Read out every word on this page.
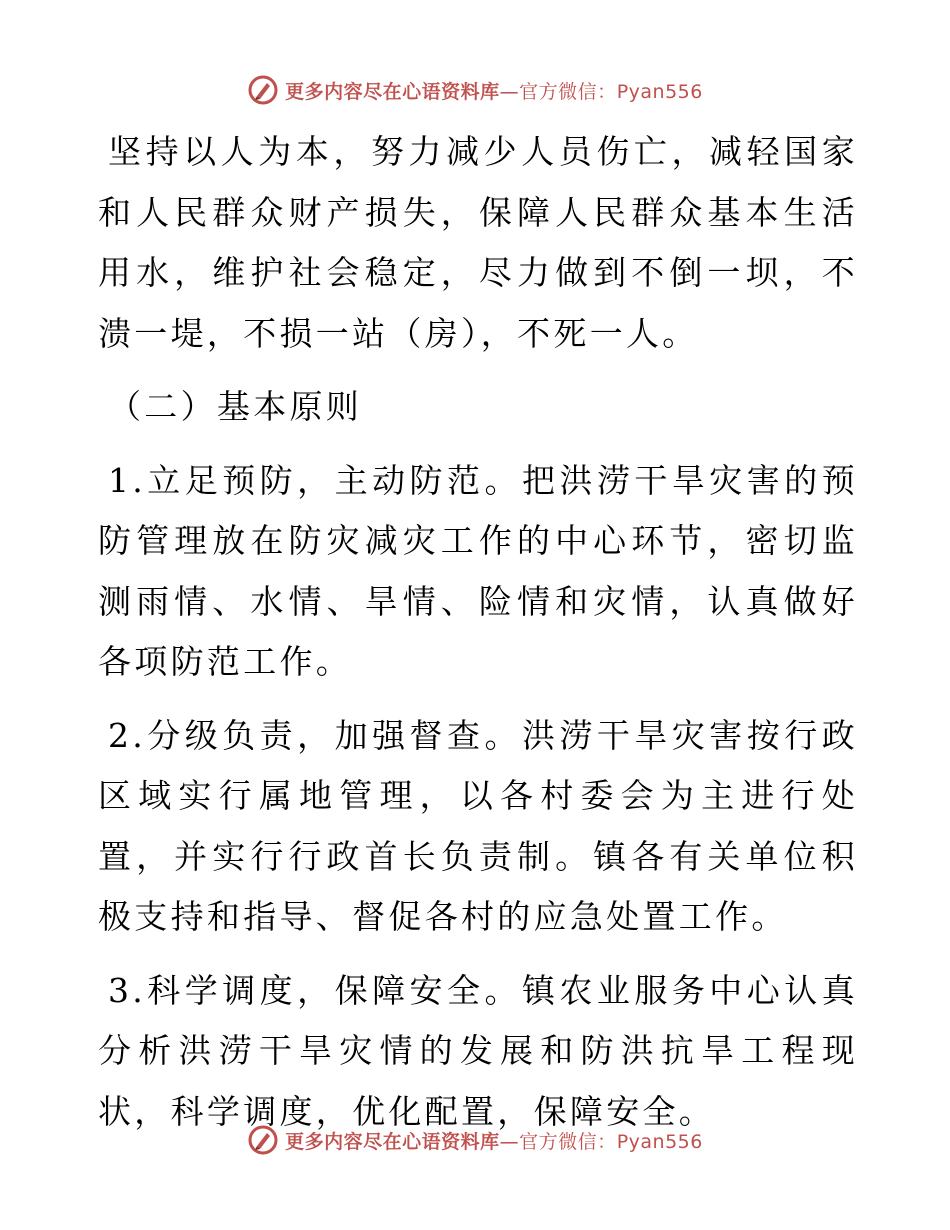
更多内容尽在心语资料库—官方微信：Pyan556

坚持以人为本，努力减少人员伤亡，减轻国家和人民群众财产损失，保障人民群众基本生活用水，维护社会稳定，尽力做到不倒一坝，不溃一堤，不损一站（房），不死一人。

（二）基本原则

1.立足预防，主动防范。把洪涝干旱灾害的预防管理放在防灾减灾工作的中心环节，密切监测雨情、水情、旱情、险情和灾情，认真做好各项防范工作。

2.分级负责，加强督查。洪涝干旱灾害按行政区域实行属地管理，以各村委会为主进行处置，并实行行政首长负责制。镇各有关单位积极支持和指导、督促各村的应急处置工作。

3.科学调度，保障安全。镇农业服务中心认真分析洪涝干旱灾情的发展和防洪抗旱工程现状，科学调度，优化配置，保障安全。

更多内容尽在心语资料库—官方微信：Pyan556
